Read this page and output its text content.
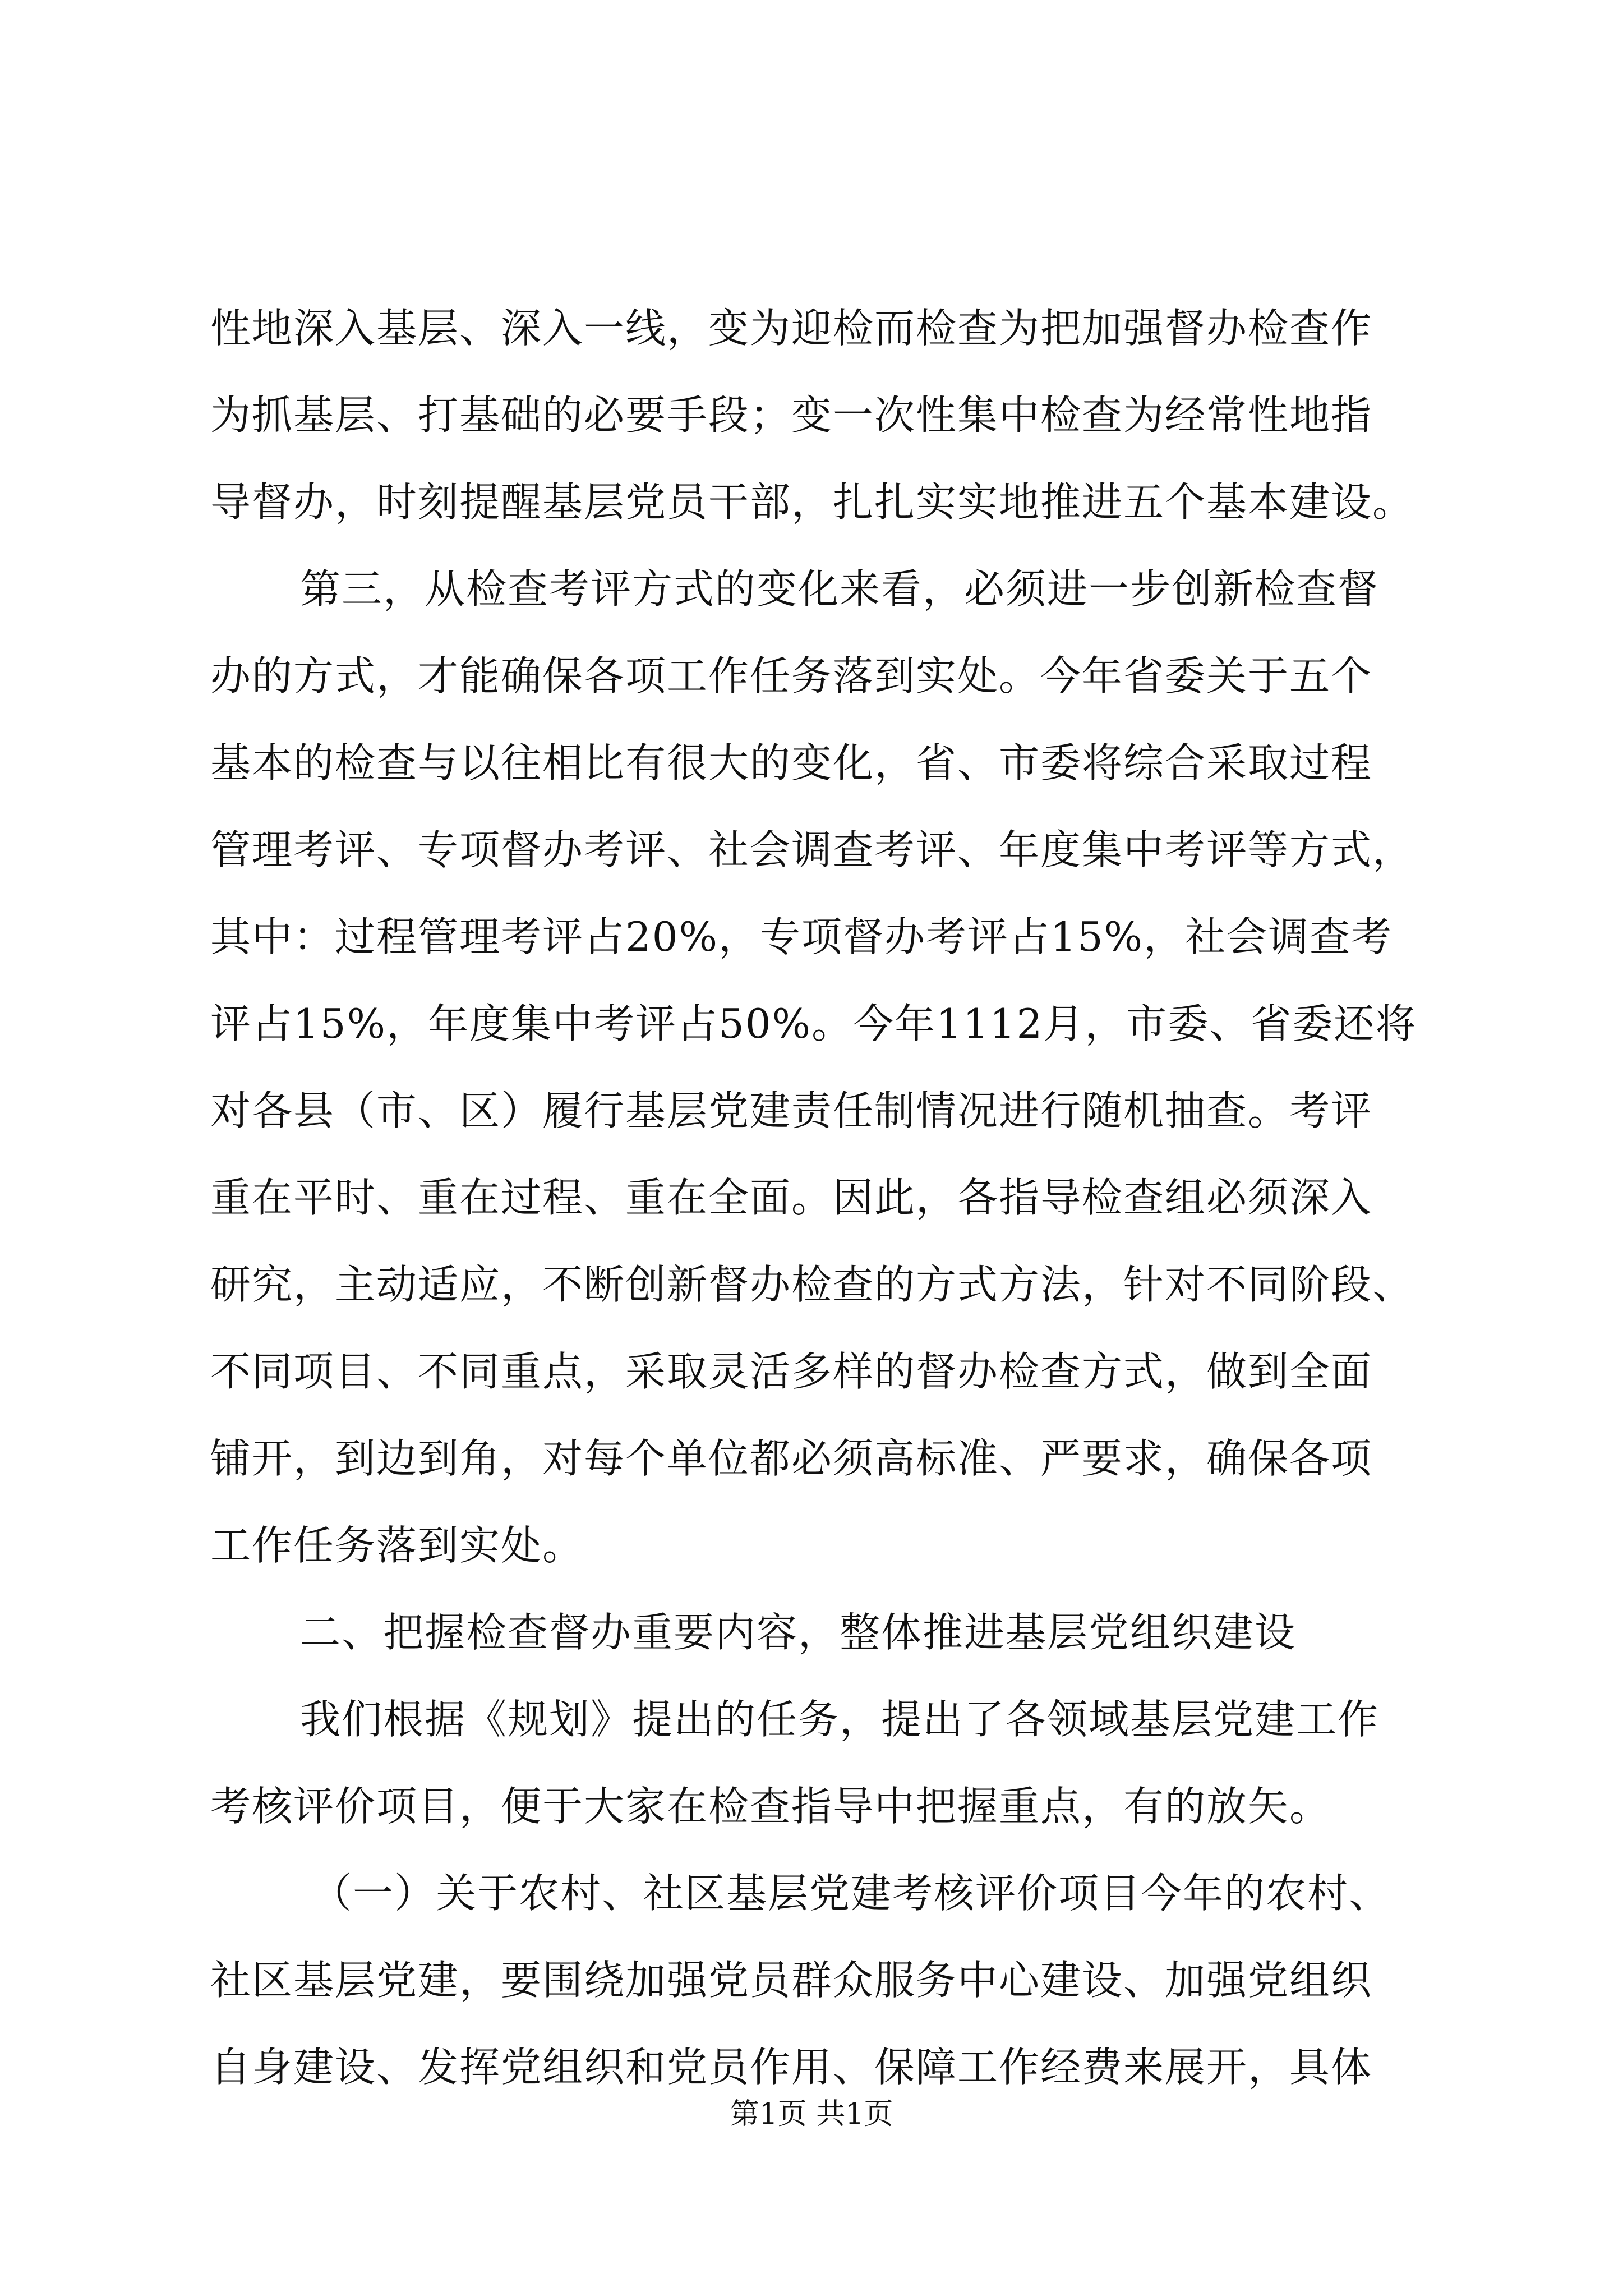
性地深入基层、深入一线，变为迎检而检查为把加强督办检查作
为抓基层、打基础的必要手段；变一次性集中检查为经常性地指
导督办，时刻提醒基层党员干部，扎扎实实地推进五个基本建设。
第三，从检查考评方式的变化来看，必须进一步创新检查督
办的方式，才能确保各项工作任务落到实处。今年省委关于五个
基本的检查与以往相比有很大的变化，省、市委将综合采取过程
管理考评、专项督办考评、社会调查考评、年度集中考评等方式，
其中：过程管理考评占20%，专项督办考评占15%，社会调查考
评占15%，年度集中考评占50%。今年1112月，市委、省委还将
对各县（市、区）履行基层党建责任制情况进行随机抽查。考评
重在平时、重在过程、重在全面。因此，各指导检查组必须深入
研究，主动适应，不断创新督办检查的方式方法，针对不同阶段、
不同项目、不同重点，采取灵活多样的督办检查方式，做到全面
铺开，到边到角，对每个单位都必须高标准、严要求，确保各项
工作任务落到实处。
二、把握检查督办重要内容，整体推进基层党组织建设
我们根据《规划》提出的任务，提出了各领域基层党建工作
考核评价项目，便于大家在检查指导中把握重点，有的放矢。
（一）关于农村、社区基层党建考核评价项目今年的农村、
社区基层党建，要围绕加强党员群众服务中心建设、加强党组织
自身建设、发挥党组织和党员作用、保障工作经费来展开，具体
第1页 共1页
